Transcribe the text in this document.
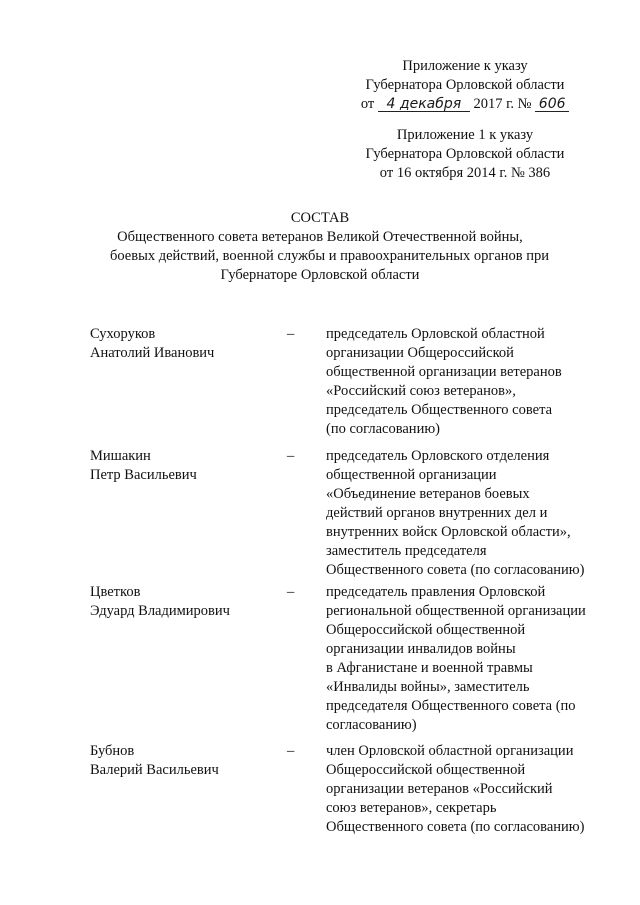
Приложение к указу
Губернатора Орловской области
от 4 декабря 2017 г. № 606
Приложение 1 к указу
Губернатора Орловской области
от 16 октября 2014 г. № 386
СОСТАВ
Общественного совета ветеранов Великой Отечественной войны,
боевых действий, военной службы и правоохранительных органов при
Губернаторе Орловской области
Сухоруков
Анатолий Иванович
–	председатель Орловской областной
организации Общероссийской
общественной организации ветеранов
«Российский союз ветеранов»,
председатель Общественного совета
(по согласованию)
Мишакин
Петр Васильевич
–	председатель Орловского отделения
общественной организации
«Объединение ветеранов боевых
действий органов внутренних дел и
внутренних войск Орловской области»,
заместитель председателя
Общественного совета (по согласованию)
Цветков
Эдуард Владимирович
–	председатель правления Орловской
региональной общественной организации
Общероссийской общественной
организации инвалидов войны
в Афганистане и военной травмы
«Инвалиды войны», заместитель
председателя Общественного совета (по
согласованию)
Бубнов
Валерий Васильевич
–	член Орловской областной организации
Общероссийской общественной
организации ветеранов «Российский
союз ветеранов», секретарь
Общественного совета (по согласованию)
